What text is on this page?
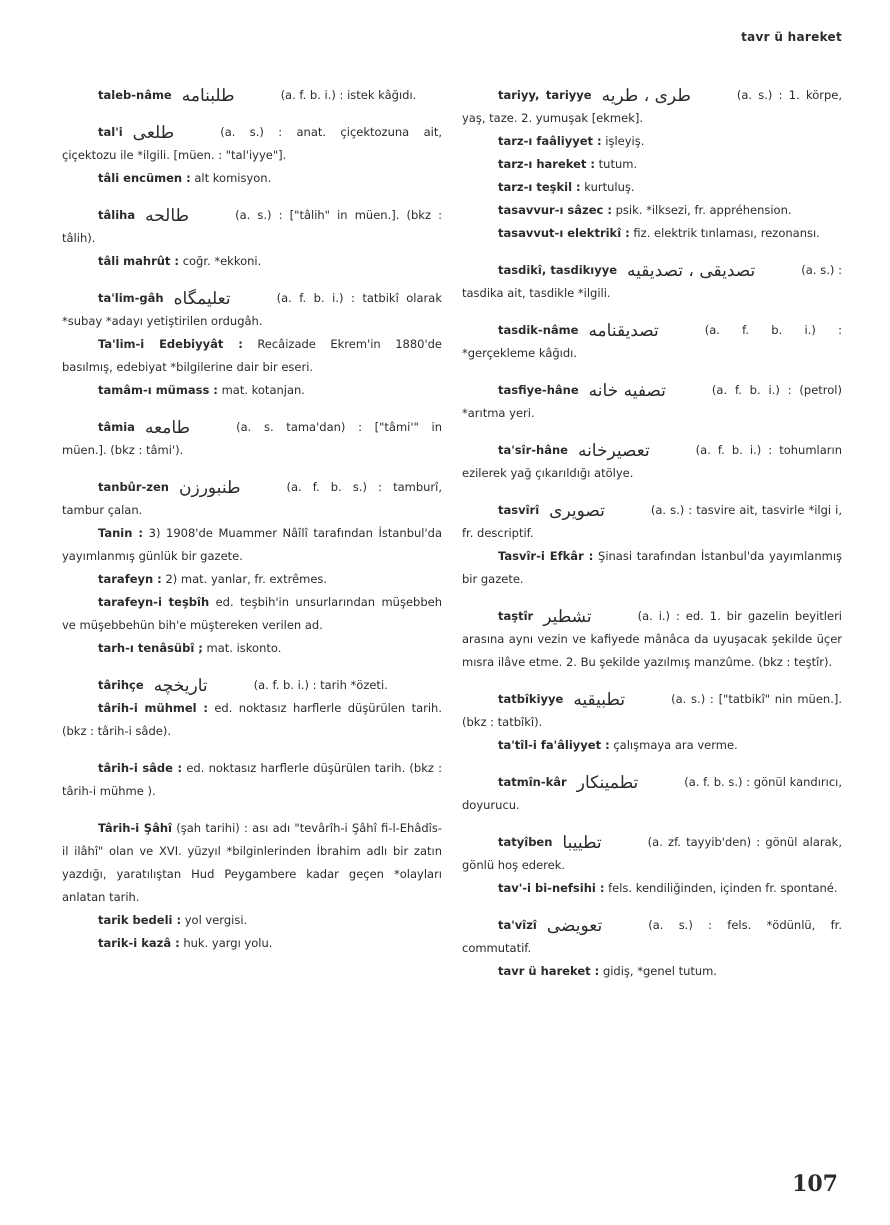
tavr ü hareket

taleb-nâme طلبنامه	(a. f. b. i.) : istek kâğıdı.

tal'i طلعى	(a. s.) : anat. çiçektozuna ait, çiçektozu ile *ilgili. [müen. : "tal'iyye"].

tâli encümen : alt komisyon.

tâliha طالحه	(a. s.) : ["tâlih" in müen.]. (bkz : tâlih).

tâli mahrût : coğr. *ekkoni.

ta'lim-gâh تعليمگاه	(a. f. b. i.) : tatbikî olarak *subay *adayı yetiştirilen ordugâh.

Ta'lim-i Edebiyyât : Recâizade Ekrem'in 1880'de basılmış, edebiyat *bilgilerine dair bir eseri.

tamâm-ı mümass : mat. kotanjan.

tâmia طامعه	(a. s. tama'dan) : ["tâmi'" in müen.]. (bkz : tâmi').

tanbûr-zen طنبورزن	(a. f. b. s.) : tamburî, tambur çalan.

Tanin : 3) 1908'de Muammer Nâîlî tarafından İstanbul'da yayımlanmış günlük bir gazete.

tarafeyn : 2) mat. yanlar, fr. extrêmes.

tarafeyn-i teşbîh ed. teşbih'in unsurlarından müşebbeh ve müşebbehün bih'e müştereken verilen ad.

tarh-ı tenâsübî ; mat. iskonto.

târihçe تاريخچه	(a. f. b. i.) : tarih *özeti.

târih-i mühmel : ed. noktasız harflerle düşürülen tarih. (bkz : târih-i sâde).

târih-i sâde : ed. noktasız harflerle düşürülen tarih. (bkz : târih-i mühme ).

Târih-i Şâhî (şah tarihi) : ası adı "tevârîh-i Şâhî fi-l-Ehâdîs-il ilâhî" olan ve XVI. yüzyıl *bilginlerinden İbrahim adlı bir zatın yazdığı, yaratılıştan Hud Peygambere kadar geçen *olayları anlatan tarih.

tarik bedeli : yol vergisi.

tarik-i kazâ : huk. yargı yolu.

tariyy, tariyye طرى ، طريه	(a. s.) : 1. körpe, yaş, taze. 2. yumuşak [ekmek].

tarz-ı faâliyyet : işleyiş.

tarz-ı hareket : tutum.

tarz-ı teşkil : kurtuluş.

tasavvur-ı sâzec : psik. *ilksezi, fr. appréhension.

tasavvut-ı elektrikî : fiz. elektrik tınlaması, rezonansı.

tasdikî, tasdikıyye تصديقى ، تصديقيه	(a. s.) : tasdika ait, tasdikle *ilgili.

tasdik-nâme تصديقنامه	(a. f. b. i.) : *gerçekleme kâğıdı.

tasfiye-hâne تصفيه خانه	(a. f. b. i.) : (petrol) *arıtma yeri.

ta'sîr-hâne تعصيرخانه	(a. f. b. i.) : tohumların ezilerek yağ çıkarıldığı atölye.

tasvîrî تصويرى	(a. s.) : tasvire ait, tasvirle *ilgi i, fr. descriptif.

Tasvîr-i Efkâr : Şinasi tarafından İstanbul'da yayımlanmış bir gazete.

taştîr تشطير	(a. i.) : ed. 1. bir gazelin beyitleri arasına aynı vezin ve kafiyede mânâca da uyuşacak şekilde üçer mısra ilâve etme. 2. Bu şekilde yazılmış manzûme. (bkz : teştîr).

tatbîkiyye تطبيقيه	(a. s.) : ["tatbikî" nin müen.]. (bkz : tatbîkî).

ta'tîl-i fa'âliyyet : çalışmaya ara verme.

tatmîn-kâr تطمينكار	(a. f. b. s.) : gönül kandırıcı, doyurucu.

tatyîben تطييبا	(a. zf. tayyib'den) : gönül alarak, gönlü hoş ederek.

tav'-i bi-nefsihi : fels. kendiliğinden, içinden fr. spontané.

ta'vîzî تعويضى	(a. s.) : fels. *ödünlü, fr. commutatif.

tavr ü hareket : gidiş, *genel tutum.

107
